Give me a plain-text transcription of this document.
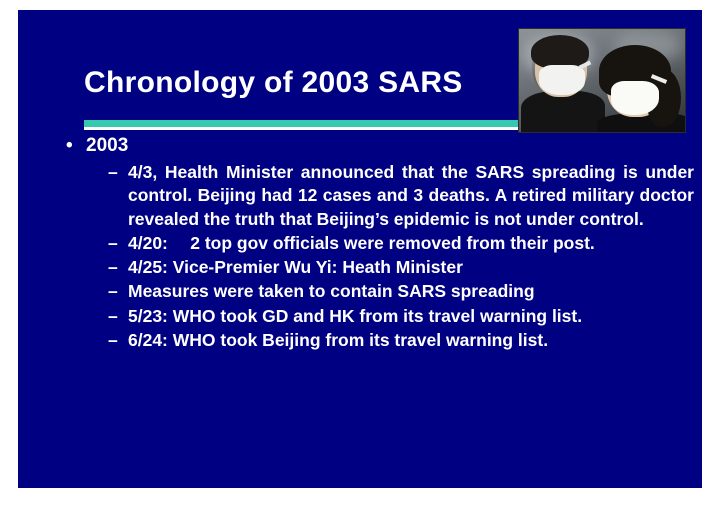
Chronology of 2003 SARS
• 2003
– 4/3, Health Minister announced that the SARS spreading is under control. Beijing had 12 cases and 3 deaths. A retired military doctor revealed the truth that Beijing’s epidemic is not under control.
– 4/20:  2 top gov officials were removed from their post.
– 4/25: Vice-Premier Wu Yi: Heath Minister
– Measures were taken to contain SARS spreading
– 5/23: WHO took GD and HK from its travel warning list.
– 6/24: WHO took Beijing from its travel warning list.
